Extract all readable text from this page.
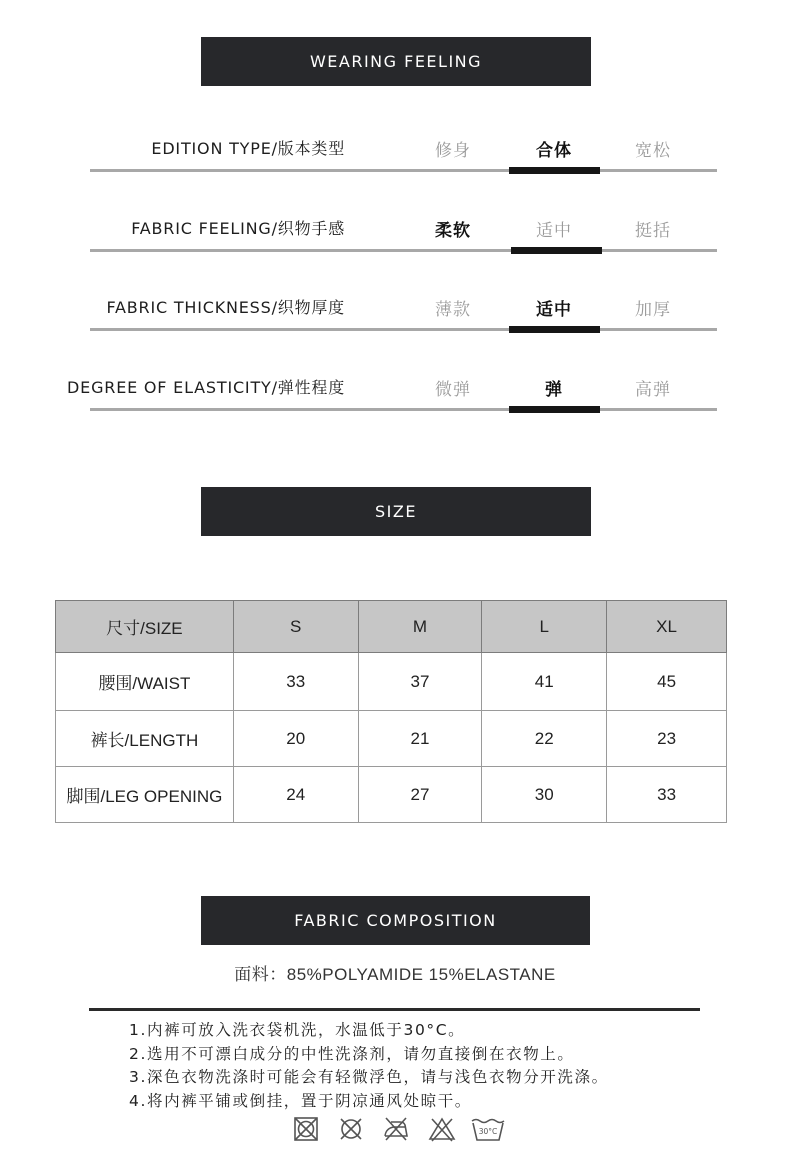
WEARING FEELING
EDITION TYPE/版本类型	修身	合体	宽松
FABRIC FEELING/织物手感	柔软	适中	挺括
FABRIC THICKNESS/织物厚度	薄款	适中	加厚
DEGREE OF ELASTICITY/弹性程度	微弹	弹	高弹
SIZE
尺寸/SIZE	S	M	L	XL
腰围/WAIST	33	37	41	45
裤长/LENGTH	20	21	22	23
脚围/LEG OPENING	24	27	30	33
FABRIC COMPOSITION
面料：85%POLYAMIDE 15%ELASTANE
1.内裤可放入洗衣袋机洗，水温低于30°C。
2.选用不可漂白成分的中性洗涤剂，请勿直接倒在衣物上。
3.深色衣物洗涤时可能会有轻微浮色，请与浅色衣物分开洗涤。
4.将内裤平铺或倒挂，置于阴凉通风处晾干。
30°C
